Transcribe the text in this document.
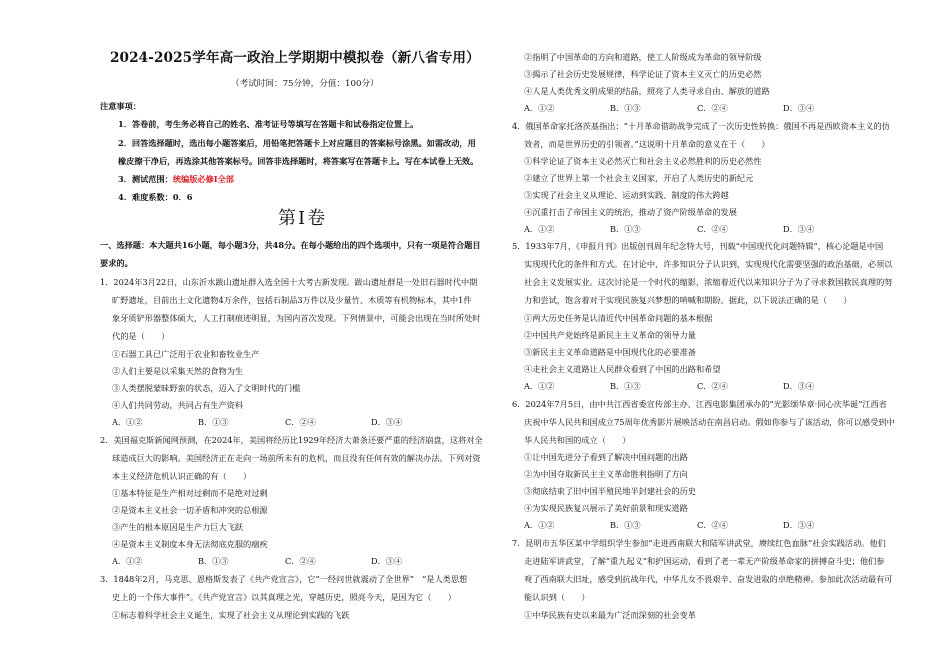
2024-2025学年高一政治上学期期中模拟卷（新八省专用）
（考试时间：75分钟，分值：100分）
注意事项：
1．答卷前，考生务必将自己的姓名、准考证号等填写在答题卡和试卷指定位置上。
2．回答选择题时，选出每小题答案后，用铅笔把答题卡上对应题目的答案标号涂黑。如需改动，用
橡皮擦干净后，再选涂其他答案标号。回答非选择题时，将答案写在答题卡上。写在本试卷上无效。
3．测试范围：统编版必修Ⅰ全部
4．难度系数：0．6
第Ⅰ卷
一、选择题：本大题共16小题，每小题3分，共48分。在每小题给出的四个选项中，只有一项是符合题目
要求的。
1．2024年3月22日，山东沂水跋山遗址群入选全国十大考古新发现。跋山遗址群是一处旧石器时代中期
旷野遗址，目前出土文化遗物4万余件，包括石制品3万件以及少量竹、木质等有机物标本，其中1件
象牙质铲形器整体硕大，人工打制痕迹明显，为国内首次发现。下列情景中，可能会出现在当时所处时
代的是（　　）
①石器工具已广泛用于农业和畜牧业生产
②人们主要是以采集天然的食物为生
③人类摆脱蒙昧野蛮的状态，迈入了文明时代的门槛
④人们共同劳动，共同占有生产资料
A．①②	B．①③	C．②④	D．③④
2．美国福克斯新闻网预测，在2024年，美国将经历比1929年经济大萧条还要严重的经济崩盘，这将对全
球造成巨大的影响。美国经济正在走向一场前所未有的危机，而且没有任何有效的解决办法。下列对资
本主义经济危机认识正确的有（　　）
①基本特征是生产相对过剩而不是绝对过剩
②是资本主义社会一切矛盾和冲突的总根源
③产生的根本原因是生产力巨大飞跃
④是资本主义制度本身无法彻底克服的痼疾
A．①②	B．①③	C．②④	D．③④
3．1848年2月，马克思、恩格斯发表了《共产党宣言》，它“一经问世就震动了全世界”　“是人类思想
史上的一个伟大事件”。《共产党宣言》以其真理之光，穿越历史，照亮今天，是因为它（　　）
①标志着科学社会主义诞生，实现了社会主义从理论到实践的飞跃
②指明了中国革命的方向和道路，使工人阶级成为革命的领导阶级
③揭示了社会历史发展规律，科学论证了资本主义灭亡的历史必然
④人是人类优秀文明成果的结晶，照亮了人类寻求自由、解放的道路
A．①②	B．①③	C．②④	D．③④
4．俄国革命家托洛茨基指出：“十月革命借助战争完成了一次历史性转换：俄国不再是西欧资本主义的仿
效者，而是世界历史的引领者。”这说明十月革命的意义在于（　　）
①科学论证了资本主义必然灭亡和社会主义必然胜利的历史必然性
②建立了世界上第一个社会主义国家，开启了人类历史的新纪元
③实现了社会主义从理论、运动到实践、制度的伟大跨越
④沉重打击了帝国主义的统治，推动了资产阶级革命的发展
A．①②	B．①③	C．②④	D．③④
5．1933年7月，《申报月刊》出版创刊周年纪念特大号，刊载“中国现代化问题特辑”，核心论题是中国
实现现代化的条件和方式。在讨论中，许多知识分子认识到，实现现代化需要坚强的政治基础，必须以
社会主义发展实业。这次讨论是一个时代的缩影，浓缩着近代以来知识分子为了寻求救国救民真理的努
力和尝试，饱含着对于实现民族复兴梦想的呐喊和期盼。据此，以下说法正确的是（　　）
①两大历史任务是认清近代中国革命问题的基本根据
②中国共产党始终是新民主主义革命的领导力量
③新民主主义革命道路是中国现代化的必要准备
④走社会主义道路让人民群众看到了中国的出路和希望
A．①②	B．①③	C．②④	D．③④
6．2024年7月5日，由中共江西省委宣传部主办、江西电影集团承办的“光影颂华章·同心庆华诞”江西省
庆祝中华人民共和国成立75周年优秀影片展映活动在南昌启动。假如你参与了该活动，你可以感受到中
华人民共和国的成立（　　）
①让中国先进分子看到了解决中国问题的出路
②为中国夺取新民主主义革命胜利指明了方向
③彻底结束了旧中国半殖民地半封建社会的历史
④为实现民族复兴展示了美好前景和现实道路
A．①②	B．①③	C．②④	D．③④
7．昆明市五华区某中学组织学生参加“走进西南联大和陆军讲武堂，赓续红色血脉”社会实践活动。他们
走进陆军讲武堂，了解“重九起义”和护国运动，看到了老一辈无产阶级革命家的拼搏奋斗史；他们参
观了西南联大旧址，感受到抗战年代，中华儿女不畏艰辛、奋发进取的卓绝精神。参加此次活动最有可
能认识到（　　）
①中华民族有史以来最为广泛而深刻的社会变革
